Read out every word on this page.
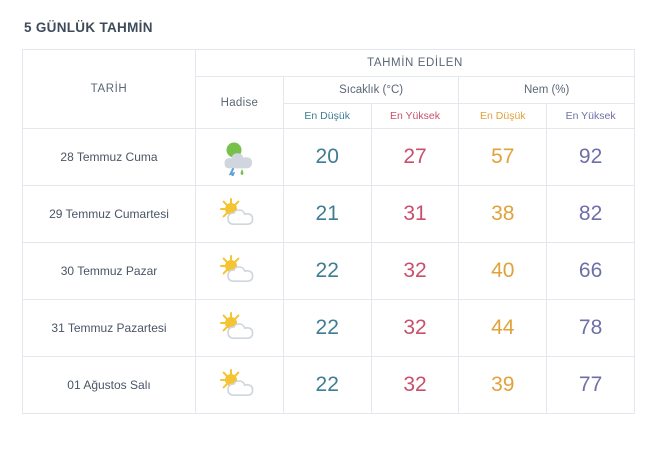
5 GÜNLÜK TAHMİN
TARİH	TAHMİN EDİLEN				
	Hadise	Sıcaklık (°C)		Nem (%)	
		En Düşük	En Yüksek	En Düşük	En Yüksek
28 Temmuz Cuma		20	27	57	92
29 Temmuz Cumartesi		21	31	38	82
30 Temmuz Pazar		22	32	40	66
31 Temmuz Pazartesi		22	32	44	78
01 Ağustos Salı		22	32	39	77
